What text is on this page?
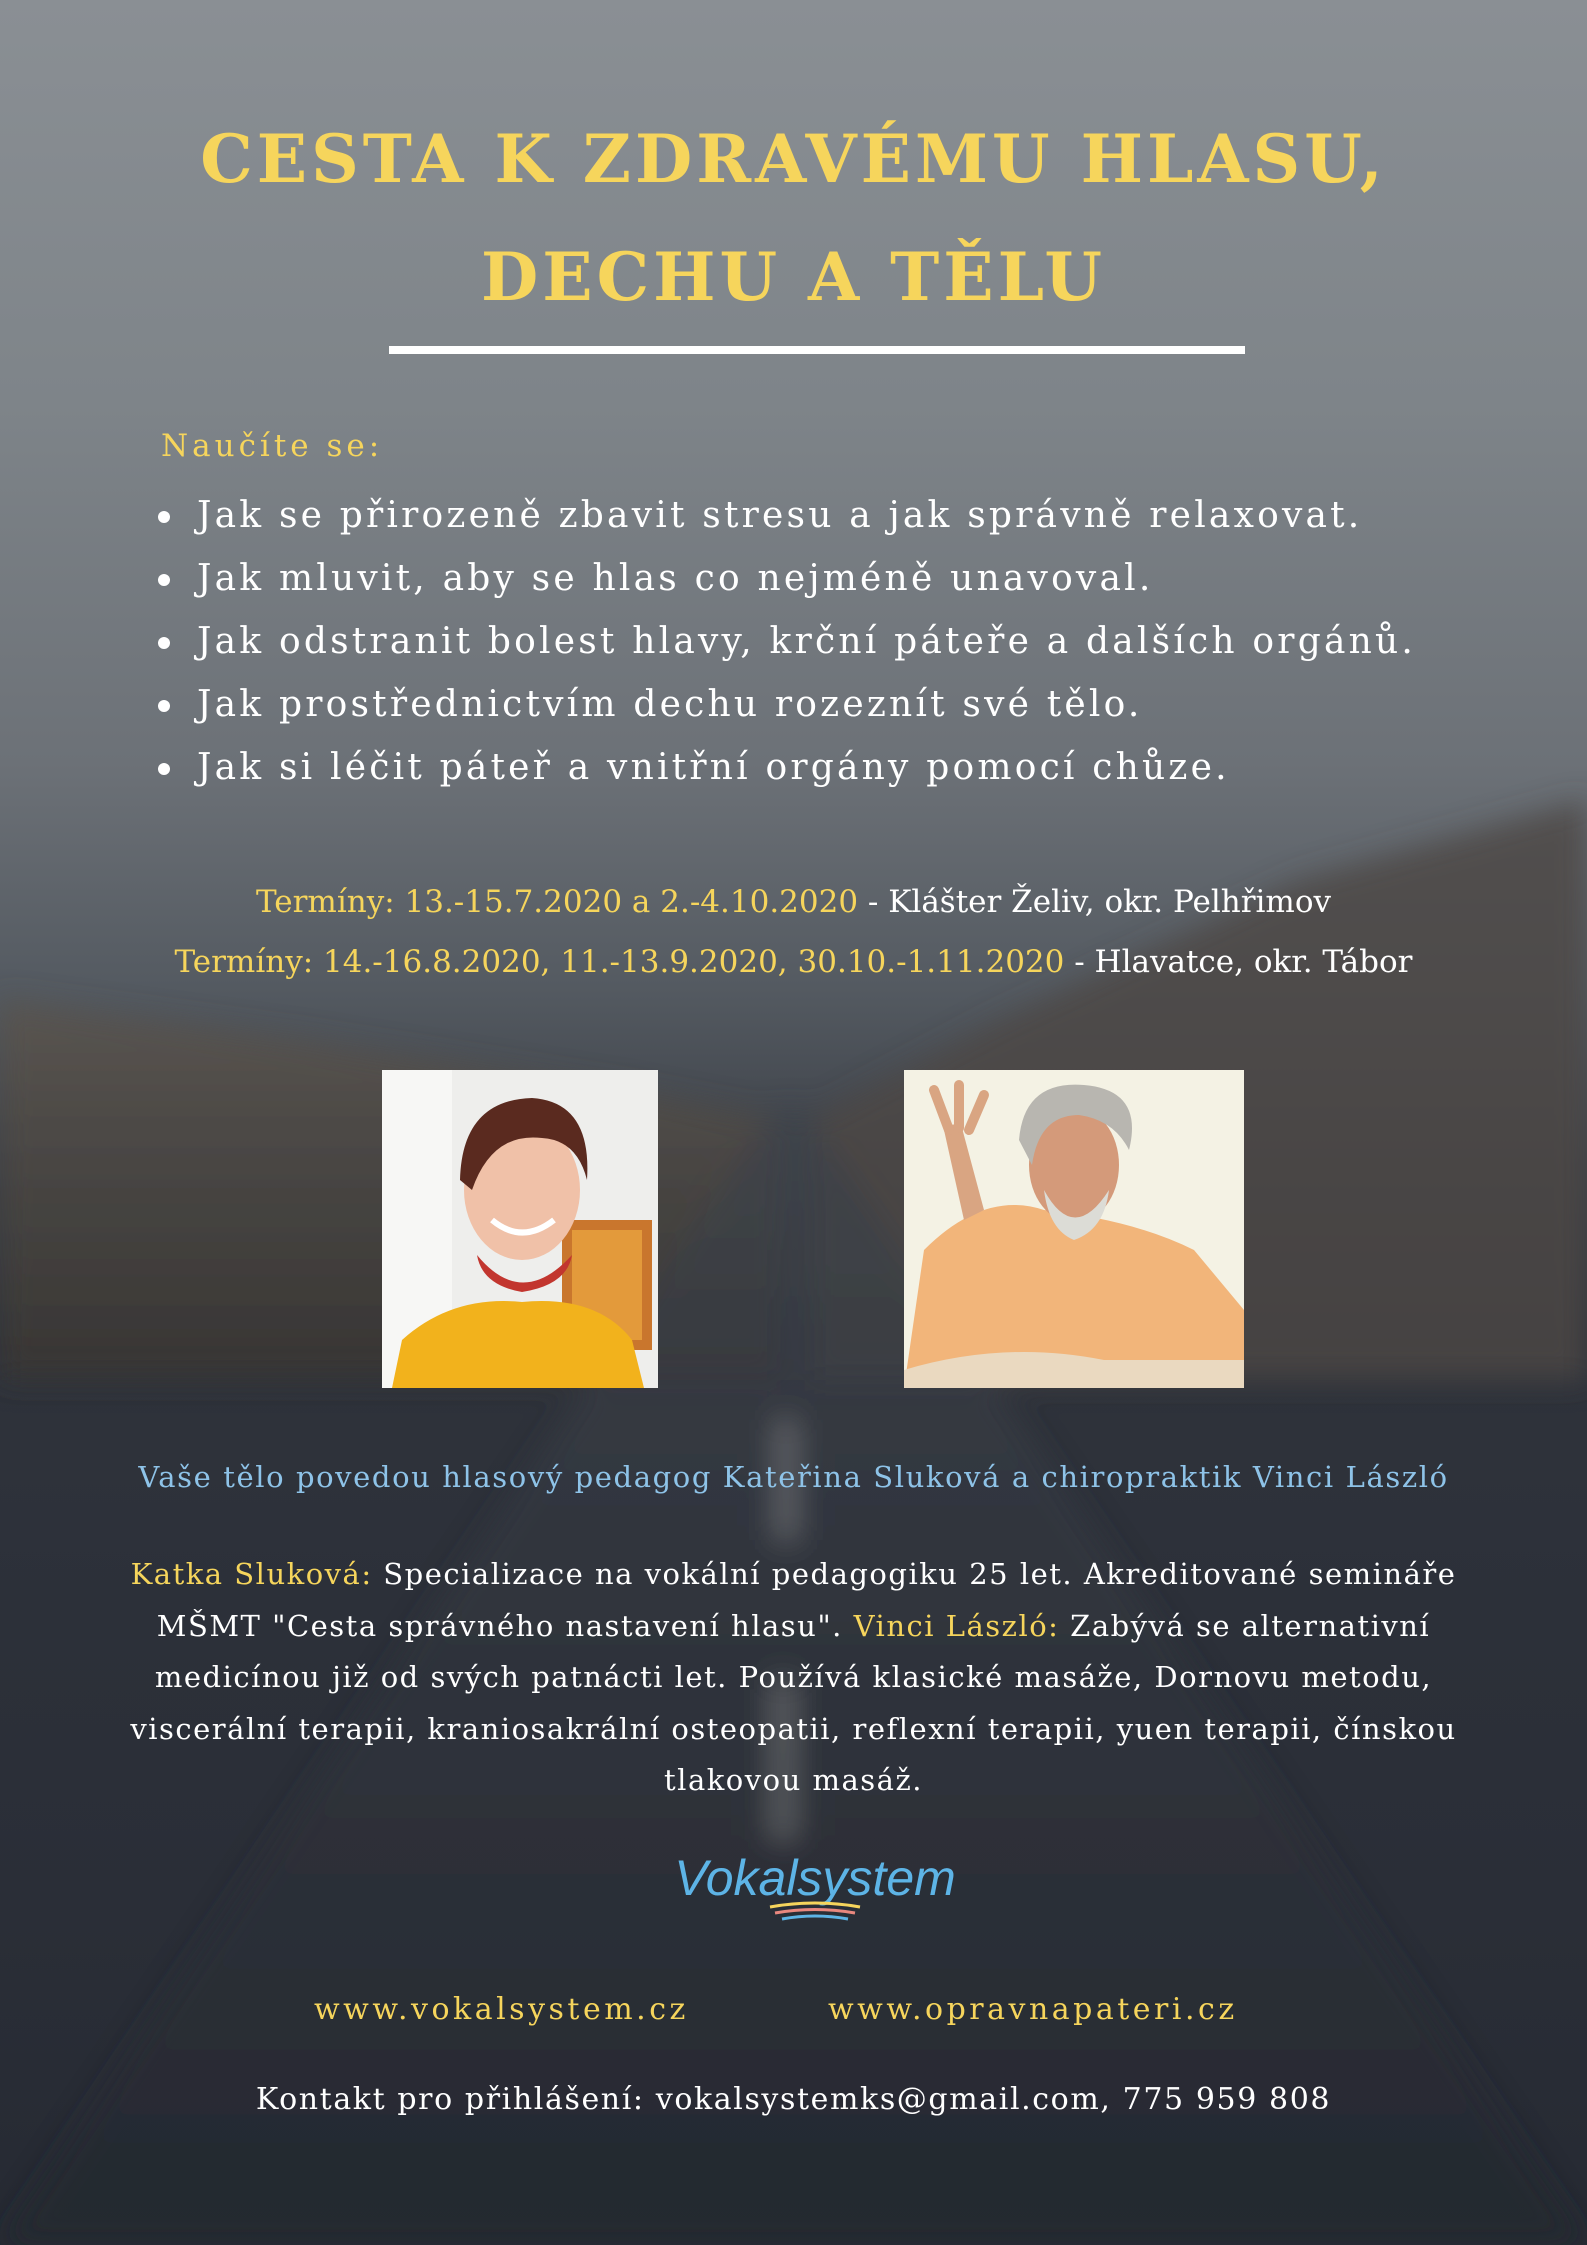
CESTA K ZDRAVÉMU HLASU,
DECHU A TĚLU
Naučíte se:
Jak se přirozeně zbavit stresu a jak správně relaxovat.
Jak mluvit, aby se hlas co nejméně unavoval.
Jak odstranit bolest hlavy, krční páteře a dalších orgánů.
Jak prostřednictvím dechu rozeznít své tělo.
Jak si léčit páteř a vnitřní orgány pomocí chůze.
Termíny: 13.-15.7.2020 a 2.-4.10.2020 - Klášter Želiv, okr. Pelhřimov
Termíny: 14.-16.8.2020, 11.-13.9.2020, 30.10.-1.11.2020 - Hlavatce, okr. Tábor
Vaše tělo povedou hlasový pedagog Kateřina Sluková a chiropraktik Vinci László
Katka Sluková: Specializace na vokální pedagogiku 25 let. Akreditované semináře MŠMT "Cesta správného nastavení hlasu". Vinci László: Zabývá se alternativní medicínou již od svých patnácti let. Používá klasické masáže, Dornovu metodu, viscerální terapii, kraniosakrální osteopatii, reflexní terapii, yuen terapii, čínskou tlakovou masáž.
Vokalsystem
www.vokalsystem.cz	www.opravnapateri.cz
Kontakt pro přihlášení: vokalsystemks@gmail.com, 775 959 808
